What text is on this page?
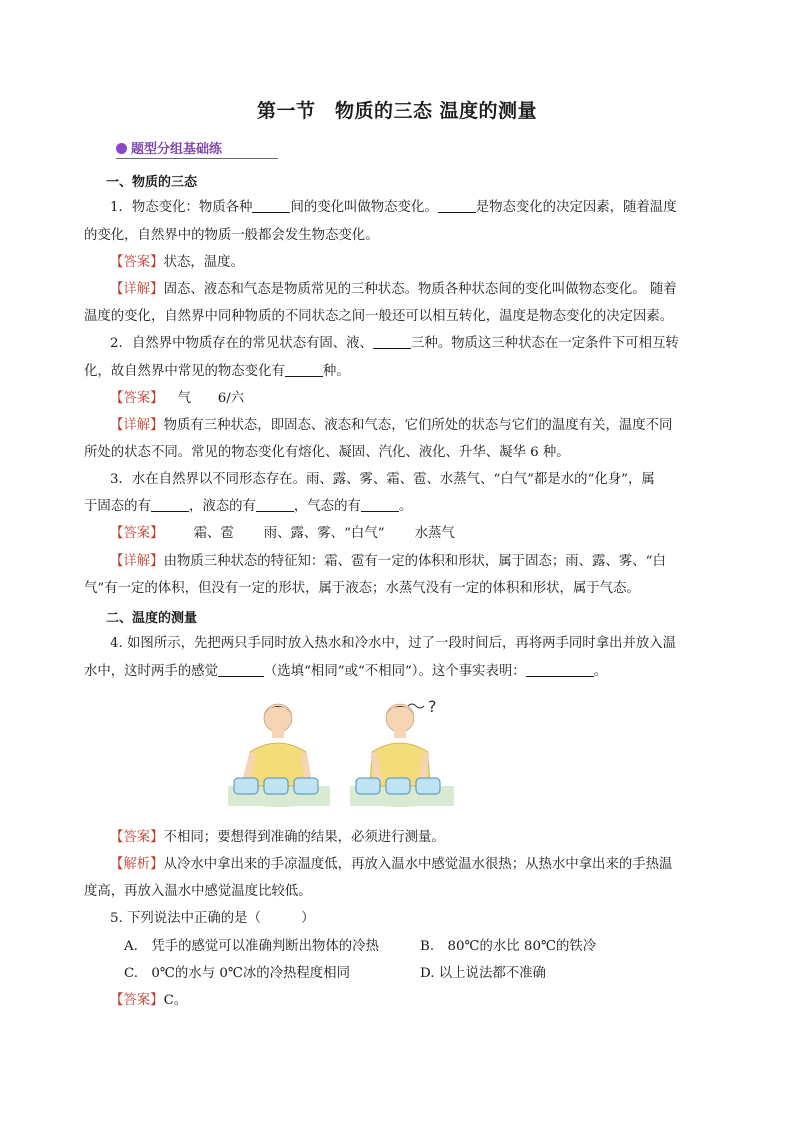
第一节　物质的三态 温度的测量
题型分组基础练
一、物质的三态
1．物态变化：物质各种	间的变化叫做物态变化。	是物态变化的决定因素，随着温度
的变化，自然界中的物质一般都会发生物态变化。
【答案】状态，温度。
【详解】固态、液态和气态是物质常见的三种状态。物质各种状态间的变化叫做物态变化。 随着
温度的变化，自然界中同种物质的不同状态之间一般还可以相互转化，温度是物态变化的决定因素。
2．自然界中物质存在的常见状态有固、液、	三种。物质这三种状态在一定条件下可相互转
化，故自然界中常见的物态变化有	种。
【答案】 气　　6/六
【详解】物质有三种状态，即固态、液态和气态，它们所处的状态与它们的温度有关，温度不同
所处的状态不同。常见的物态变化有熔化、凝固、汽化、液化、升华、凝华 6 种。
3．水在自然界以不同形态存在。雨、露、雾、霜、雹、水蒸气、“白气”都是水的“化身”，属
于固态的有	，液态的有	，气态的有	。
【答案】 霜、雹 雨、露、雾、“白气” 水蒸气
【详解】由物质三种状态的特征知：霜、雹有一定的体积和形状，属于固态；雨、露、雾、“白
气”有一定的体积，但没有一定的形状，属于液态；水蒸气没有一定的体积和形状，属于气态。
二、温度的测量
4. 如图所示，先把两只手同时放入热水和冷水中，过了一段时间后，再将两手同时拿出并放入温
水中，这时两手的感觉	（选填“相同”或“不相同”）。这个事实表明：	。
?
【答案】不相同；要想得到准确的结果，必须进行测量。
【解析】从冷水中拿出来的手凉温度低，再放入温水中感觉温水很热；从热水中拿出来的手热温
度高，再放入温水中感觉温度比较低。
5. 下列说法中正确的是（　　　）
A.　凭手的感觉可以准确判断出物体的冷热	B.　80℃的水比 80℃的铁冷
C.　0℃的水与 0℃冰的冷热程度相同	D. 以上说法都不准确
【答案】C。
